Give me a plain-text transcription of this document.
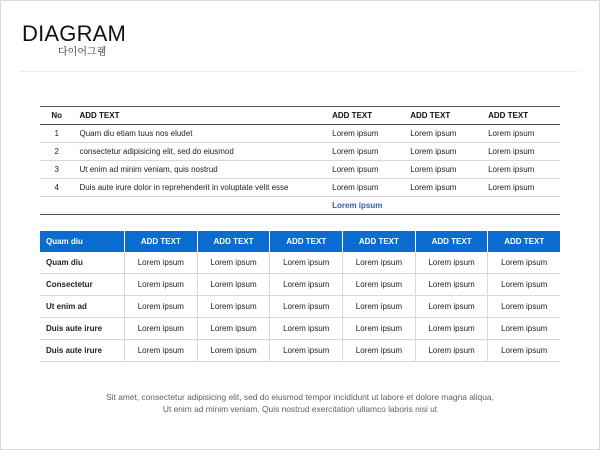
DIAGRAM
다이어그램
No	ADD TEXT	ADD TEXT	ADD TEXT	ADD TEXT
1	Quam diu etiam tuus nos eludet	Lorem ipsum	Lorem ipsum	Lorem ipsum
2	consectetur adipisicing elit, sed do eiusmod	Lorem ipsum	Lorem ipsum	Lorem ipsum
3	Ut enim ad minim veniam, quis nostrud	Lorem ipsum	Lorem ipsum	Lorem ipsum
4	Duis aute irure dolor in reprehenderit in voluptate velit esse	Lorem ipsum	Lorem ipsum	Lorem ipsum
		Lorem ipsum		
Quam diu	ADD TEXT	ADD TEXT	ADD TEXT	ADD TEXT	ADD TEXT	ADD TEXT
Quam diu	Lorem ipsum	Lorem ipsum	Lorem ipsum	Lorem ipsum	Lorem ipsum	Lorem ipsum
Consectetur	Lorem ipsum	Lorem ipsum	Lorem ipsum	Lorem ipsum	Lorem ipsum	Lorem ipsum
Ut enim ad	Lorem ipsum	Lorem ipsum	Lorem ipsum	Lorem ipsum	Lorem ipsum	Lorem ipsum
Duis aute irure	Lorem ipsum	Lorem ipsum	Lorem ipsum	Lorem ipsum	Lorem ipsum	Lorem ipsum
Duis aute irure	Lorem ipsum	Lorem ipsum	Lorem ipsum	Lorem ipsum	Lorem ipsum	Lorem ipsum
Sit amet, consectetur adipisicing elit, sed do eiusmod tempor incididunt ut labore et dolore magna aliqua,
Ut enim ad minim veniam. Quis nostrud exercitation ullamco laboris nisi ut
